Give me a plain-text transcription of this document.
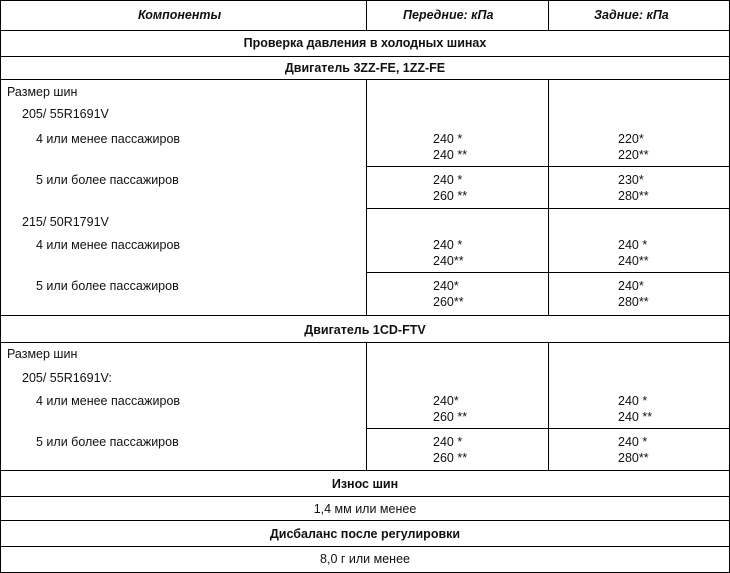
Компоненты	Передние: кПа	Задние: кПа
Проверка давления в холодных шинах
Двигатель 3ZZ-FE, 1ZZ-FE
Размер шин
205/ 55R1691V
4 или менее пассажиров
5 или более пассажиров
215/ 50R1791V
4 или менее пассажиров
5 или более пассажиров
240 *
240 **
240 *
260 **
240 *
240**
240*
260**
220*
220**
230*
280**
240 *
240**
240*
280**
Двигатель 1CD-FTV
Размер шин
205/ 55R1691V:
4 или менее пассажиров
5 или более пассажиров
240*
260 **
240 *
260 **
240 *
240 **
240 *
280**
Износ шин
1,4 мм или менее
Дисбаланс после регулировки
8,0 г или менее
